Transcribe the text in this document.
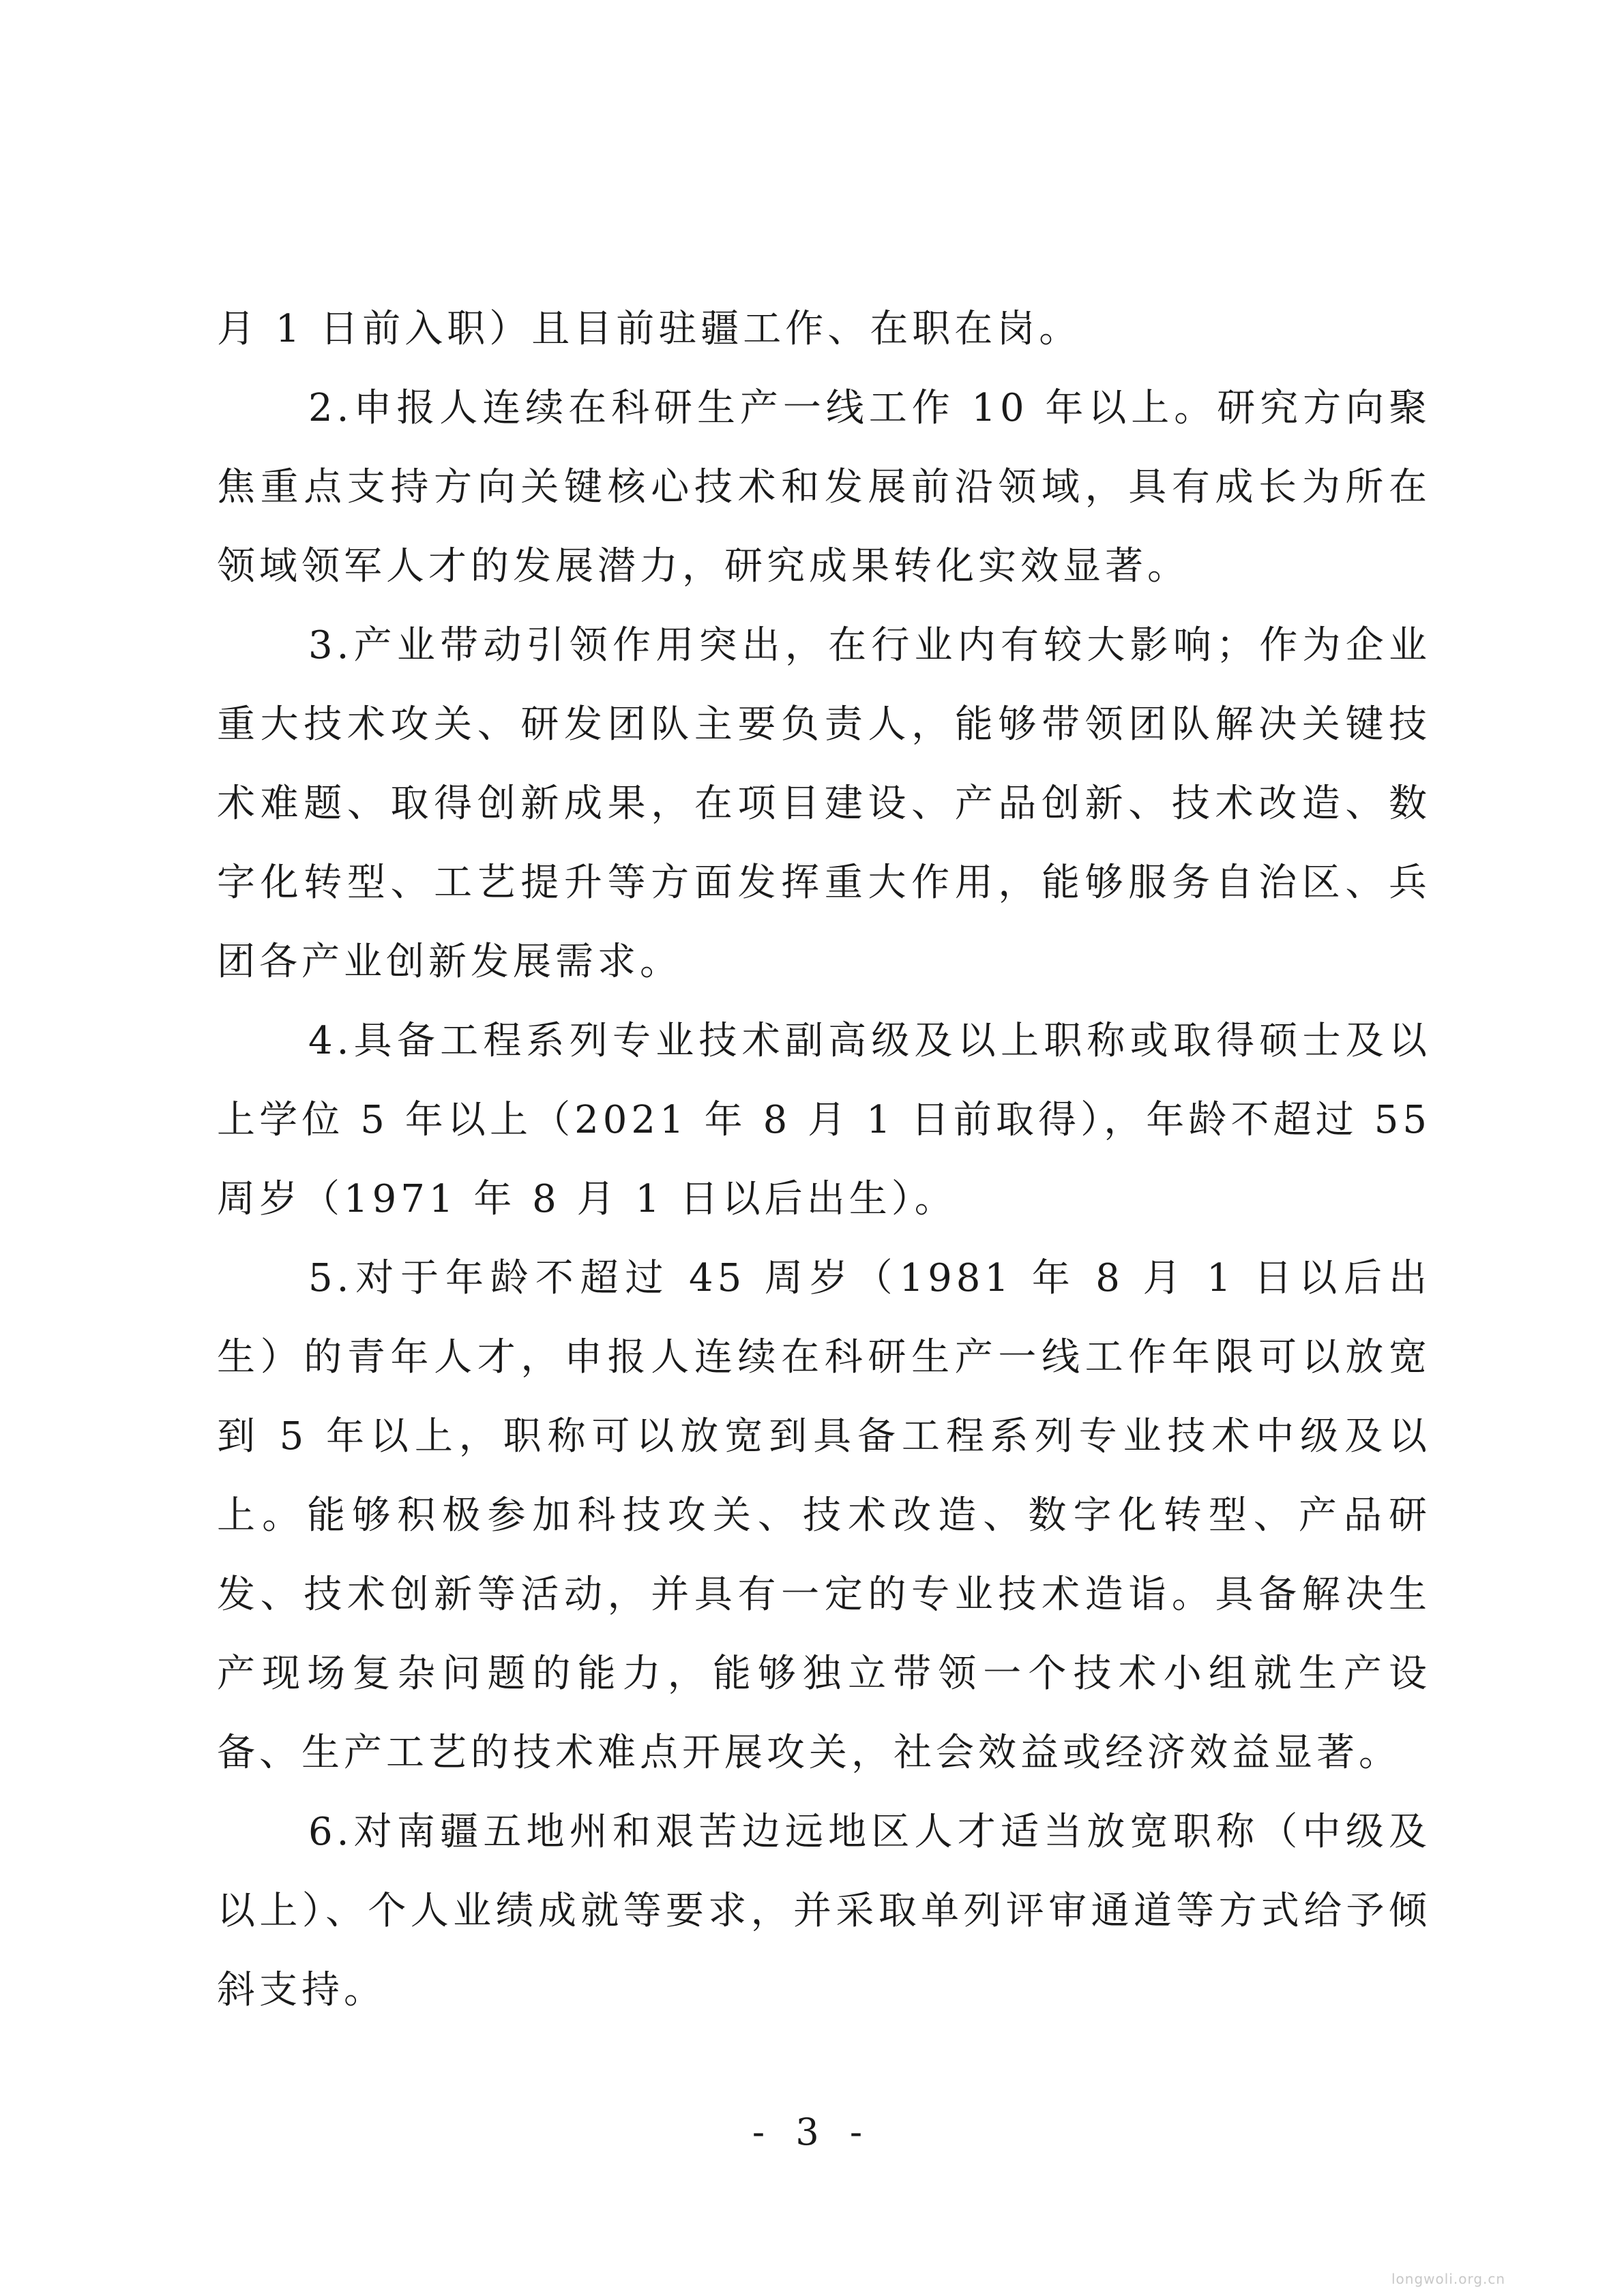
月 1 日前入职）且目前驻疆工作、在职在岗。

2.申报人连续在科研生产一线工作 10 年以上。研究方向聚焦重点支持方向关键核心技术和发展前沿领域，具有成长为所在领域领军人才的发展潜力，研究成果转化实效显著。

3.产业带动引领作用突出，在行业内有较大影响；作为企业重大技术攻关、研发团队主要负责人，能够带领团队解决关键技术难题、取得创新成果，在项目建设、产品创新、技术改造、数字化转型、工艺提升等方面发挥重大作用，能够服务自治区、兵团各产业创新发展需求。

4.具备工程系列专业技术副高级及以上职称或取得硕士及以上学位 5 年以上（2021 年 8 月 1 日前取得），年龄不超过 55 周岁（1971 年 8 月 1 日以后出生）。

5.对于年龄不超过 45 周岁（1981 年 8 月 1 日以后出生）的青年人才，申报人连续在科研生产一线工作年限可以放宽到 5 年以上，职称可以放宽到具备工程系列专业技术中级及以上。能够积极参加科技攻关、技术改造、数字化转型、产品研发、技术创新等活动，并具有一定的专业技术造诣。具备解决生产现场复杂问题的能力，能够独立带领一个技术小组就生产设备、生产工艺的技术难点开展攻关，社会效益或经济效益显著。

6.对南疆五地州和艰苦边远地区人才适当放宽职称（中级及以上）、个人业绩成就等要求，并采取单列评审通道等方式给予倾斜支持。

- 3 -
longwoli.org.cn
